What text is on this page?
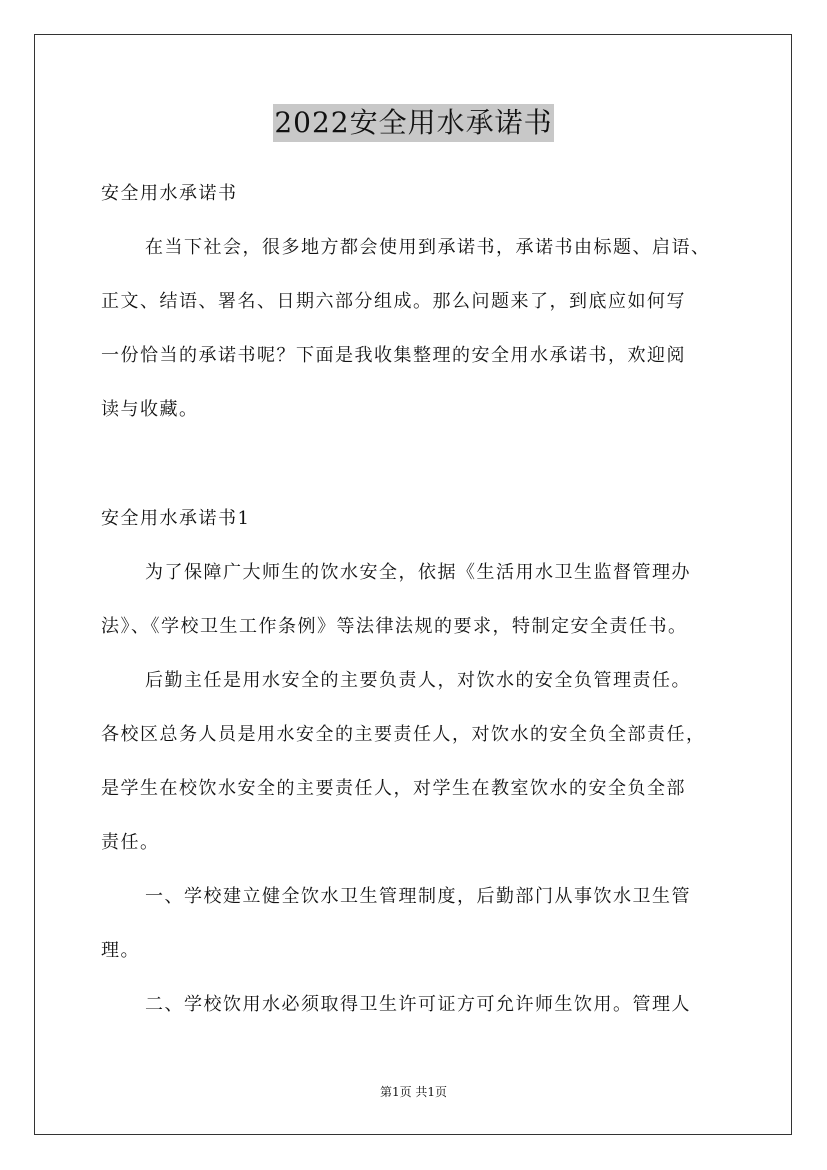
2022安全用水承诺书
安全用水承诺书
在当下社会，很多地方都会使用到承诺书，承诺书由标题、启语、
正文、结语、署名、日期六部分组成。那么问题来了，到底应如何写
一份恰当的承诺书呢？下面是我收集整理的安全用水承诺书，欢迎阅
读与收藏。
安全用水承诺书1
为了保障广大师生的饮水安全，依据《生活用水卫生监督管理办
法》、《学校卫生工作条例》等法律法规的要求，特制定安全责任书。
后勤主任是用水安全的主要负责人，对饮水的安全负管理责任。
各校区总务人员是用水安全的主要责任人，对饮水的安全负全部责任，
是学生在校饮水安全的主要责任人，对学生在教室饮水的安全负全部
责任。
一、学校建立健全饮水卫生管理制度，后勤部门从事饮水卫生管
理。
二、学校饮用水必须取得卫生许可证方可允许师生饮用。管理人
第1页 共1页
